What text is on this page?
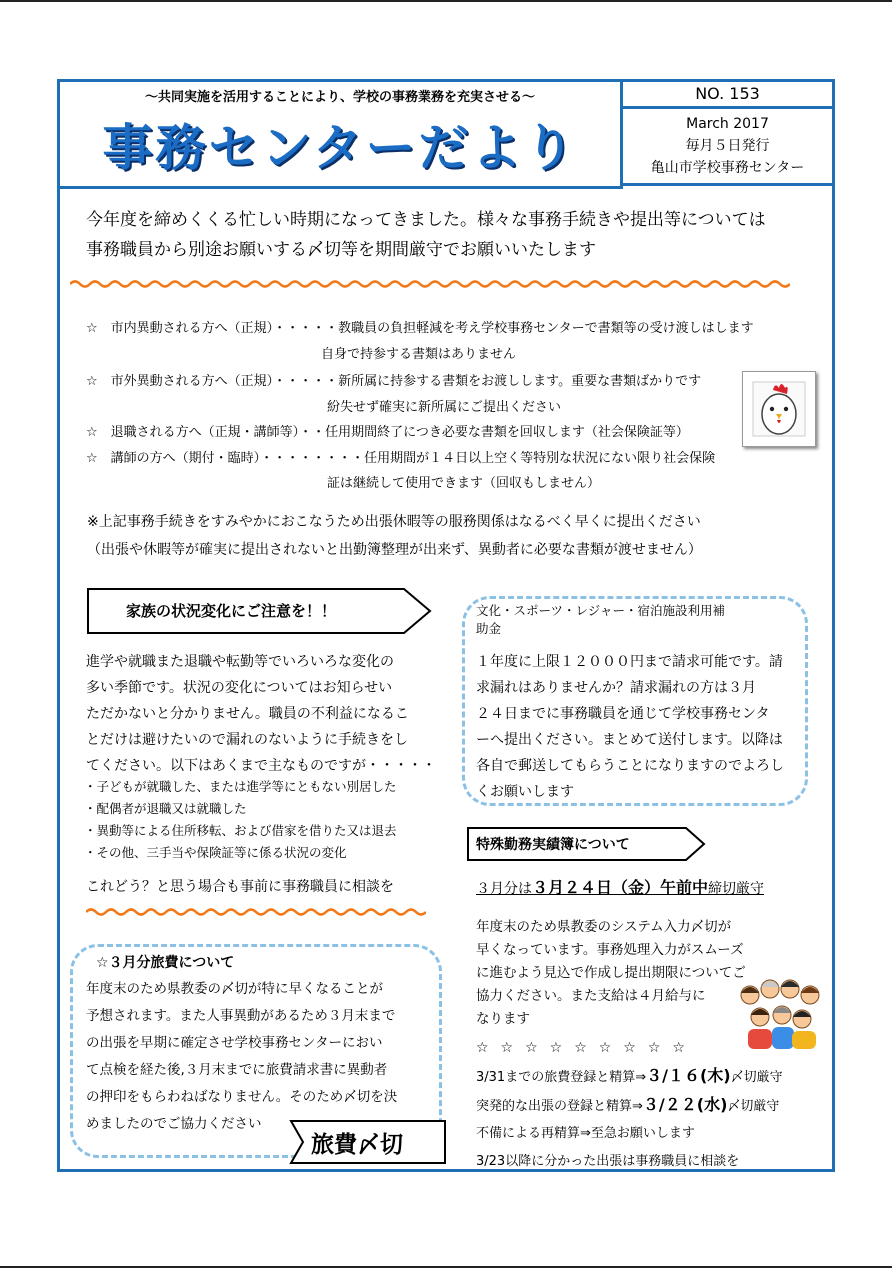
〜共同実施を活用することにより、学校の事務業務を充実させる〜
事務センターだより
NO. 153
March 2017
毎月５日発行
亀山市学校事務センター
今年度を締めくくる忙しい時期になってきました。様々な事務手続きや提出等については
事務職員から別途お願いする〆切等を期間厳守でお願いいたします
☆　市内異動される方へ（正規）・・・・・教職員の負担軽減を考え学校事務センターで書類等の受け渡しはします
自身で持参する書類はありません
☆　市外異動される方へ（正規）・・・・・新所属に持参する書類をお渡しします。重要な書類ばかりです
紛失せず確実に新所属にご提出ください
☆　退職される方へ（正規・講師等）・・任用期間終了につき必要な書類を回収します（社会保険証等）
☆　講師の方へ（期付・臨時）・・・・・・・・任用期間が１４日以上空く等特別な状況にない限り社会保険
証は継続して使用できます（回収もしません）
※上記事務手続きをすみやかにおこなうため出張休暇等の服務関係はなるべく早くに提出ください
（出張や休暇等が確実に提出されないと出勤簿整理が出来ず、異動者に必要な書類が渡せません）
家族の状況変化にご注意を！！
進学や就職また退職や転勤等でいろいろな変化の
多い季節です。状況の変化についてはお知らせい
ただかないと分かりません。職員の不利益になるこ
とだけは避けたいので漏れのないように手続きをし
てください。以下はあくまで主なものですが・・・・・
・子どもが就職した、または進学等にともない別居した
・配偶者が退職又は就職した
・異動等による住所移転、および借家を借りた又は退去
・その他、三手当や保険証等に係る状況の変化
これどう？と思う場合も事前に事務職員に相談を
文化・スポーツ・レジャー・宿泊施設利用補
助金
１年度に上限１２０００円まで請求可能です。請
求漏れはありませんか？請求漏れの方は３月
２４日までに事務職員を通じて学校事務センタ
ーへ提出ください。まとめて送付します。以降は
各自で郵送してもらうことになりますのでよろし
くお願いします
特殊勤務実績簿について
３月分は３月２４日（金）午前中締切厳守
年度末のため県教委のシステム入力〆切が
早くなっています。事務処理入力がスムーズ
に進むよう見込で作成し提出期限についてご
協力ください。また支給は４月給与に
なります
☆☆☆☆☆☆☆☆☆
3/31までの旅費登録と精算⇒３/１６(木)〆切厳守
突発的な出張の登録と精算⇒３/２２(水)〆切厳守
不備による再精算⇒至急お願いします
3/23以降に分かった出張は事務職員に相談を
☆３月分旅費について
年度末のため県教委の〆切が特に早くなることが
予想されます。また人事異動があるため３月末まで
の出張を早期に確定させ学校事務センターにおい
て点検を経た後,３月末までに旅費請求書に異動者
の押印をもらわねばなりません。そのため〆切を決
めましたのでご協力ください
旅費〆切
